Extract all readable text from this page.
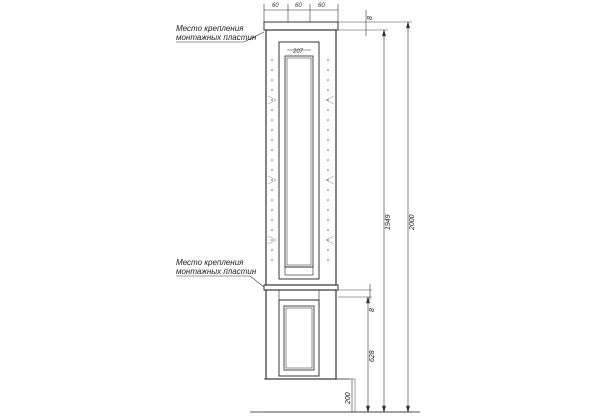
60	60	60
207
Место крепления
монтажных пластин
Место крепления
монтажных пластин
2000
1949
628
200
8
8
